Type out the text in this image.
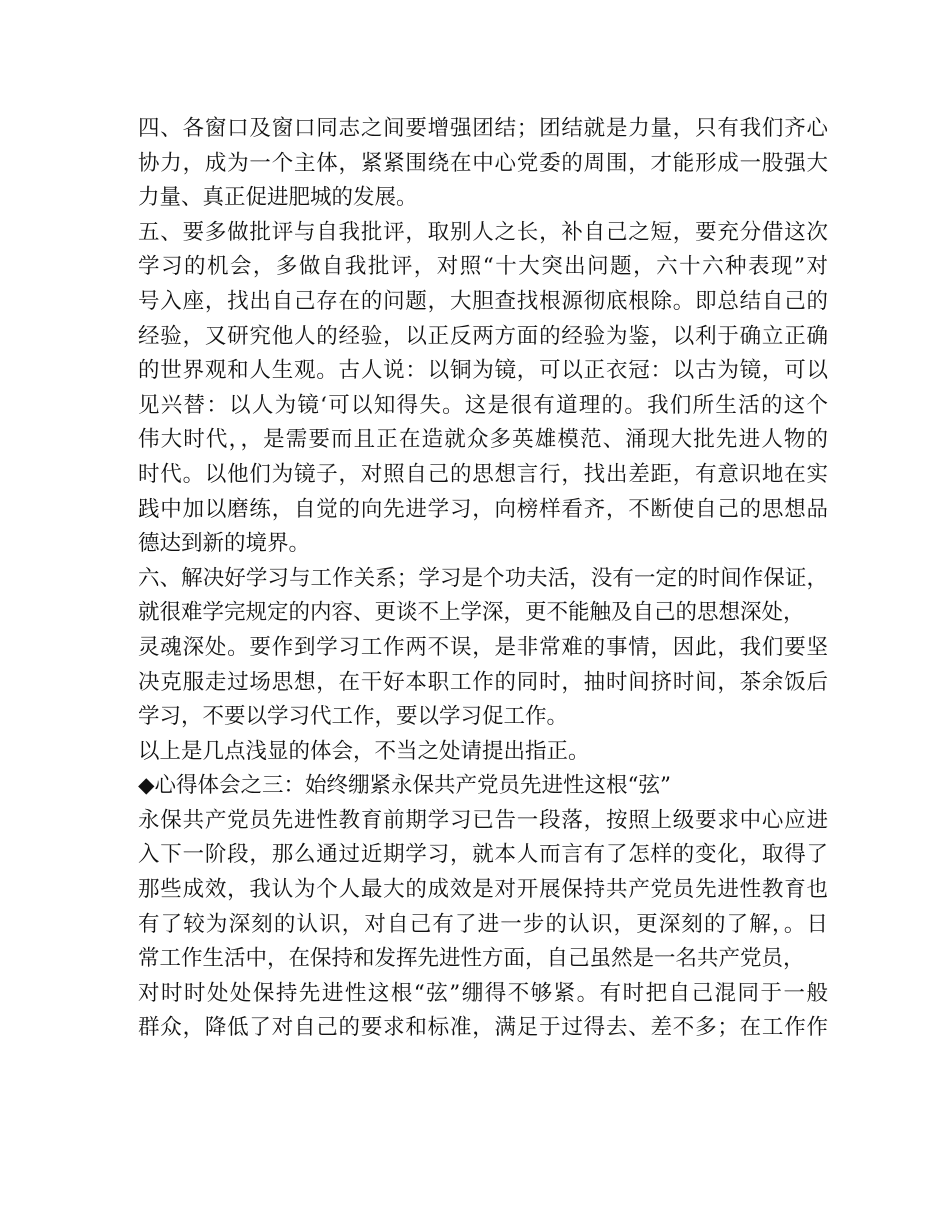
四、各窗口及窗口同志之间要增强团结；团结就是力量，只有我们齐心
协力，成为一个主体，紧紧围绕在中心党委的周围，才能形成一股强大
力量、真正促进肥城的发展。
五、要多做批评与自我批评，取别人之长，补自己之短，要充分借这次
学习的机会，多做自我批评，对照“十大突出问题，六十六种表现”对
号入座，找出自己存在的问题，大胆查找根源彻底根除。即总结自己的
经验，又研究他人的经验，以正反两方面的经验为鉴，以利于确立正确
的世界观和人生观。古人说：以铜为镜，可以正衣冠：以古为镜，可以
见兴替：以人为镜‘可以知得失。这是很有道理的。我们所生活的这个
伟大时代，，是需要而且正在造就众多英雄模范、涌现大批先进人物的
时代。以他们为镜子，对照自己的思想言行，找出差距，有意识地在实
践中加以磨练，自觉的向先进学习，向榜样看齐，不断使自己的思想品
德达到新的境界。
六、解决好学习与工作关系；学习是个功夫活，没有一定的时间作保证，
就很难学完规定的内容、更谈不上学深，更不能触及自己的思想深处，
灵魂深处。要作到学习工作两不误，是非常难的事情，因此，我们要坚
决克服走过场思想，在干好本职工作的同时，抽时间挤时间，茶余饭后
学习，不要以学习代工作，要以学习促工作。
以上是几点浅显的体会，不当之处请提出指正。
◆心得体会之三：始终绷紧永保共产党员先进性这根“弦”
永保共产党员先进性教育前期学习已告一段落，按照上级要求中心应进
入下一阶段，那么通过近期学习，就本人而言有了怎样的变化，取得了
那些成效，我认为个人最大的成效是对开展保持共产党员先进性教育也
有了较为深刻的认识，对自己有了进一步的认识，更深刻的了解，。日
常工作生活中，在保持和发挥先进性方面，自己虽然是一名共产党员，
对时时处处保持先进性这根“弦”绷得不够紧。有时把自己混同于一般
群众，降低了对自己的要求和标准，满足于过得去、差不多；在工作作
